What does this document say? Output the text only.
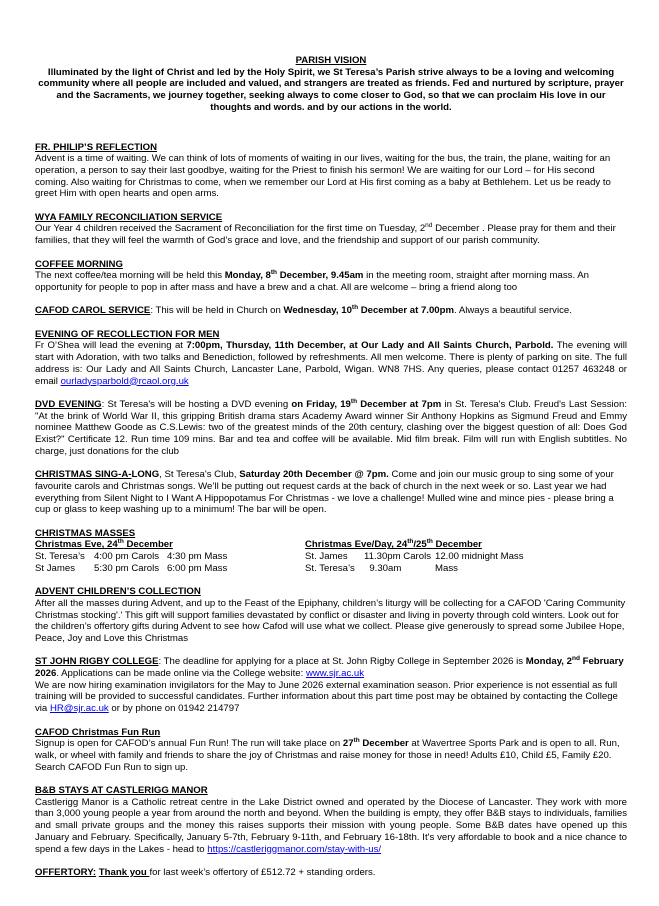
PARISH VISION
Illuminated by the light of Christ and led by the Holy Spirit, we St Teresa’s Parish strive always to be a loving and welcoming community where all people are included and valued, and strangers are treated as friends. Fed and nurtured by scripture, prayer and the Sacraments, we journey together, seeking always to come closer to God, so that we can proclaim His love in our thoughts and words. and by our actions in the world.
FR. PHILIP’S REFLECTION
Advent is a time of waiting. We can think of lots of moments of waiting in our lives, waiting for the bus, the train, the plane, waiting for an operation, a person to say their last goodbye, waiting for the Priest to finish his sermon! We are waiting for our Lord – for His second coming. Also waiting for Christmas to come, when we remember our Lord at His first coming as a baby at Bethlehem. Let us be ready to greet Him with open hearts and open arms.
WYA FAMILY RECONCILIATION SERVICE
Our Year 4 children received the Sacrament of Reconciliation for the first time on Tuesday, 2nd December . Please pray for them and their families, that they will feel the warmth of God’s grace and love, and the friendship and support of our parish community.
COFFEE MORNING
The next coffee/tea morning will be held this Monday, 8th December, 9.45am in the meeting room, straight after morning mass. An opportunity for people to pop in after mass and have a brew and a chat. All are welcome – bring a friend along too
CAFOD CAROL SERVICE: This will be held in Church on Wednesday, 10th December at 7.00pm. Always a beautiful service.
EVENING OF RECOLLECTION FOR MEN
Fr O’Shea will lead the evening at 7:00pm, Thursday, 11th December, at Our Lady and All Saints Church, Parbold. The evening will start with Adoration, with two talks and Benediction, followed by refreshments. All men welcome. There is plenty of parking on site. The full address is: Our Lady and All Saints Church, Lancaster Lane, Parbold, Wigan. WN8 7HS. Any queries, please contact 01257 463248 or email ourladysparbold@rcaol.org.uk
DVD EVENING: St Teresa's will be hosting a DVD evening on Friday, 19th December at 7pm in St. Teresa's Club. Freud's Last Session: "At the brink of World War II, this gripping British drama stars Academy Award winner Sir Anthony Hopkins as Sigmund Freud and Emmy nominee Matthew Goode as C.S.Lewis: two of the greatest minds of the 20th century, clashing over the biggest question of all: Does God Exist?" Certificate 12. Run time 109 mins. Bar and tea and coffee will be available. Mid film break. Film will run with English subtitles. No charge, just donations for the club
CHRISTMAS SING-A-LONG, St Teresa's Club, Saturday 20th December @ 7pm. Come and join our music group to sing some of your favourite carols and Christmas songs. We’ll be putting out request cards at the back of church in the next week or so. Last year we had everything from Silent Night to I Want A Hippopotamus For Christmas - we love a challenge! Mulled wine and mince pies - please bring a cup or glass to keep washing up to a minimum! The bar will be open.
CHRISTMAS MASSES
Christmas Eve, 24th December
St. Teresa’s 4:00 pm Carols 4:30 pm Mass
St James	5:30 pm Carols 6:00 pm Mass
Christmas Eve/Day, 24th/25th December
St. James	11.30pm Carols 12.00 midnight Mass
St. Teresa’s 9.30am	Mass
ADVENT CHILDREN’S COLLECTION
After all the masses during Advent, and up to the Feast of the Epiphany, children’s liturgy will be collecting for a CAFOD 'Caring Community Christmas stocking'.' This gift will support families devastated by conflict or disaster and living in poverty through cold winters. Look out for the children’s offertory gifts during Advent to see how Cafod will use what we collect. Please give generously to spread some Jubilee Hope, Peace, Joy and Love this Christmas
ST JOHN RIGBY COLLEGE: The deadline for applying for a place at St. John Rigby College in September 2026 is Monday, 2nd February 2026. Applications can be made online via the College website: www.sjr.ac.uk
We are now hiring examination invigilators for the May to June 2026 external examination season. Prior experience is not essential as full training will be provided to successful candidates. Further information about this part time post may be obtained by contacting the College via HR@sjr.ac.uk or by phone on 01942 214797
CAFOD Christmas Fun Run
Signup is open for CAFOD’s annual Fun Run! The run will take place on 27th December at Wavertree Sports Park and is open to all. Run, walk, or wheel with family and friends to share the joy of Christmas and raise money for those in need! Adults £10, Child £5, Family £20. Search CAFOD Fun Run to sign up.
B&B STAYS AT CASTLERIGG MANOR
Castlerigg Manor is a Catholic retreat centre in the Lake District owned and operated by the Diocese of Lancaster. They work with more than 3,000 young people a year from around the north and beyond. When the building is empty, they offer B&B stays to individuals, families and small private groups and the money this raises supports their mission with young people. Some B&B dates have opened up this January and February. Specifically, January 5-7th, February 9-11th, and February 16-18th. It's very affordable to book and a nice chance to spend a few days in the Lakes - head to https://castleriggmanor.com/stay-with-us/
OFFERTORY: Thank you for last week’s offertory of £512.72 + standing orders.
